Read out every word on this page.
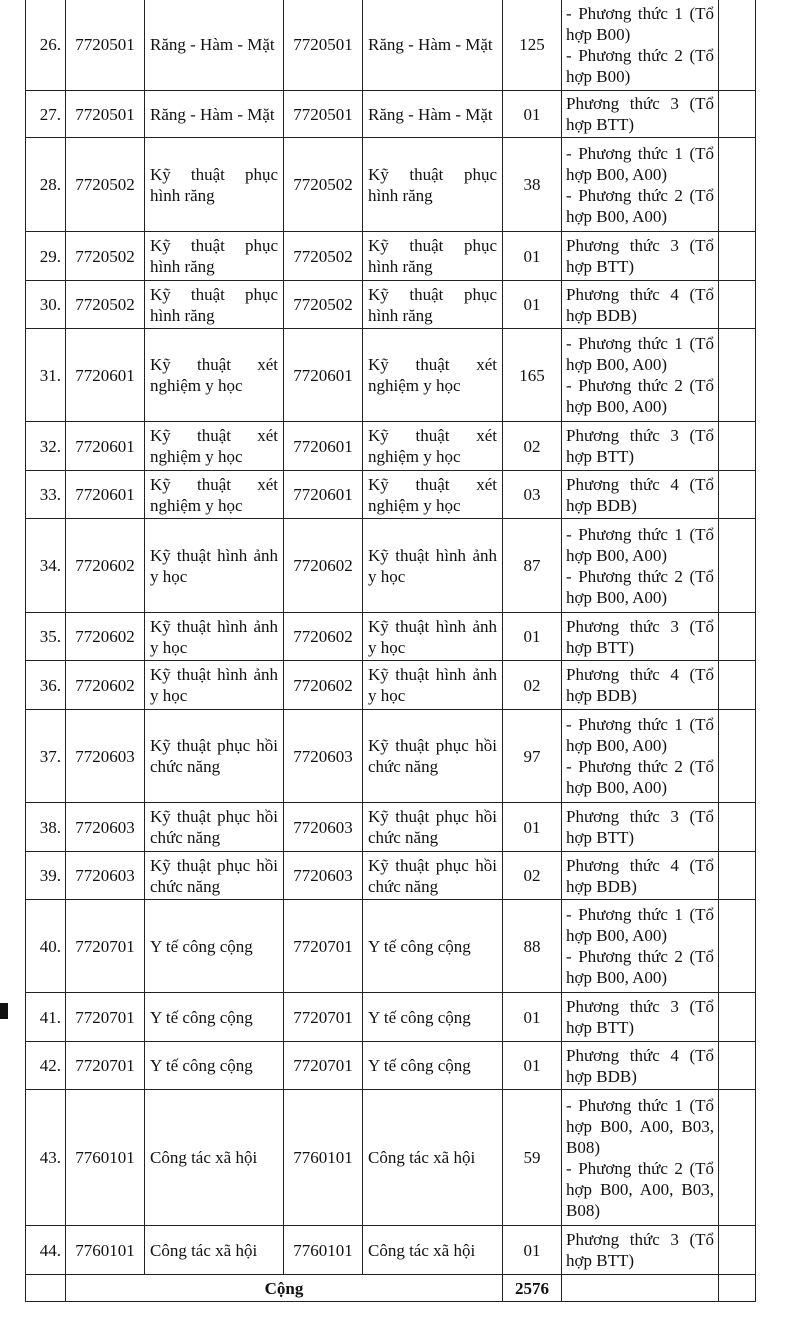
26.	7720501	Răng - Hàm - Mặt	7720501	Răng - Hàm - Mặt	125	- Phương thức 1 (Tổ hợp B00)
- Phương thức 2 (Tổ hợp B00)	

27.	7720501	Răng - Hàm - Mặt	7720501	Răng - Hàm - Mặt	01	Phương thức 3 (Tổ hợp BTT)	

28.	7720502	Kỹ thuật phục hình răng	7720502	Kỹ thuật phục hình răng	38	- Phương thức 1 (Tổ hợp B00, A00)
- Phương thức 2 (Tổ hợp B00, A00)	

29.	7720502	Kỹ thuật phục hình răng	7720502	Kỹ thuật phục hình răng	01	Phương thức 3 (Tổ hợp BTT)	

30.	7720502	Kỹ thuật phục hình răng	7720502	Kỹ thuật phục hình răng	01	Phương thức 4 (Tổ hợp BDB)	

31.	7720601	Kỹ thuật xét nghiệm y học	7720601	Kỹ thuật xét nghiệm y học	165	- Phương thức 1 (Tổ hợp B00, A00)
- Phương thức 2 (Tổ hợp B00, A00)	

32.	7720601	Kỹ thuật xét nghiệm y học	7720601	Kỹ thuật xét nghiệm y học	02	Phương thức 3 (Tổ hợp BTT)	

33.	7720601	Kỹ thuật xét nghiệm y học	7720601	Kỹ thuật xét nghiệm y học	03	Phương thức 4 (Tổ hợp BDB)	

34.	7720602	Kỹ thuật hình ảnh y học	7720602	Kỹ thuật hình ảnh y học	87	- Phương thức 1 (Tổ hợp B00, A00)
- Phương thức 2 (Tổ hợp B00, A00)	

35.	7720602	Kỹ thuật hình ảnh y học	7720602	Kỹ thuật hình ảnh y học	01	Phương thức 3 (Tổ hợp BTT)	

36.	7720602	Kỹ thuật hình ảnh y học	7720602	Kỹ thuật hình ảnh y học	02	Phương thức 4 (Tổ hợp BDB)	

37.	7720603	Kỹ thuật phục hồi chức năng	7720603	Kỹ thuật phục hồi chức năng	97	- Phương thức 1 (Tổ hợp B00, A00)
- Phương thức 2 (Tổ hợp B00, A00)	

38.	7720603	Kỹ thuật phục hồi chức năng	7720603	Kỹ thuật phục hồi chức năng	01	Phương thức 3 (Tổ hợp BTT)	

39.	7720603	Kỹ thuật phục hồi chức năng	7720603	Kỹ thuật phục hồi chức năng	02	Phương thức 4 (Tổ hợp BDB)	

40.	7720701	Y tế công cộng	7720701	Y tế công cộng	88	- Phương thức 1 (Tổ hợp B00, A00)
- Phương thức 2 (Tổ hợp B00, A00)	

41.	7720701	Y tế công cộng	7720701	Y tế công cộng	01	Phương thức 3 (Tổ hợp BTT)	

42.	7720701	Y tế công cộng	7720701	Y tế công cộng	01	Phương thức 4 (Tổ hợp BDB)	

43.	7760101	Công tác xã hội	7760101	Công tác xã hội	59	- Phương thức 1 (Tổ hợp B00, A00, B03, B08)
- Phương thức 2 (Tổ hợp B00, A00, B03, B08)	

44.	7760101	Công tác xã hội	7760101	Công tác xã hội	01	Phương thức 3 (Tổ hợp BTT)	

	Cộng				2576		
